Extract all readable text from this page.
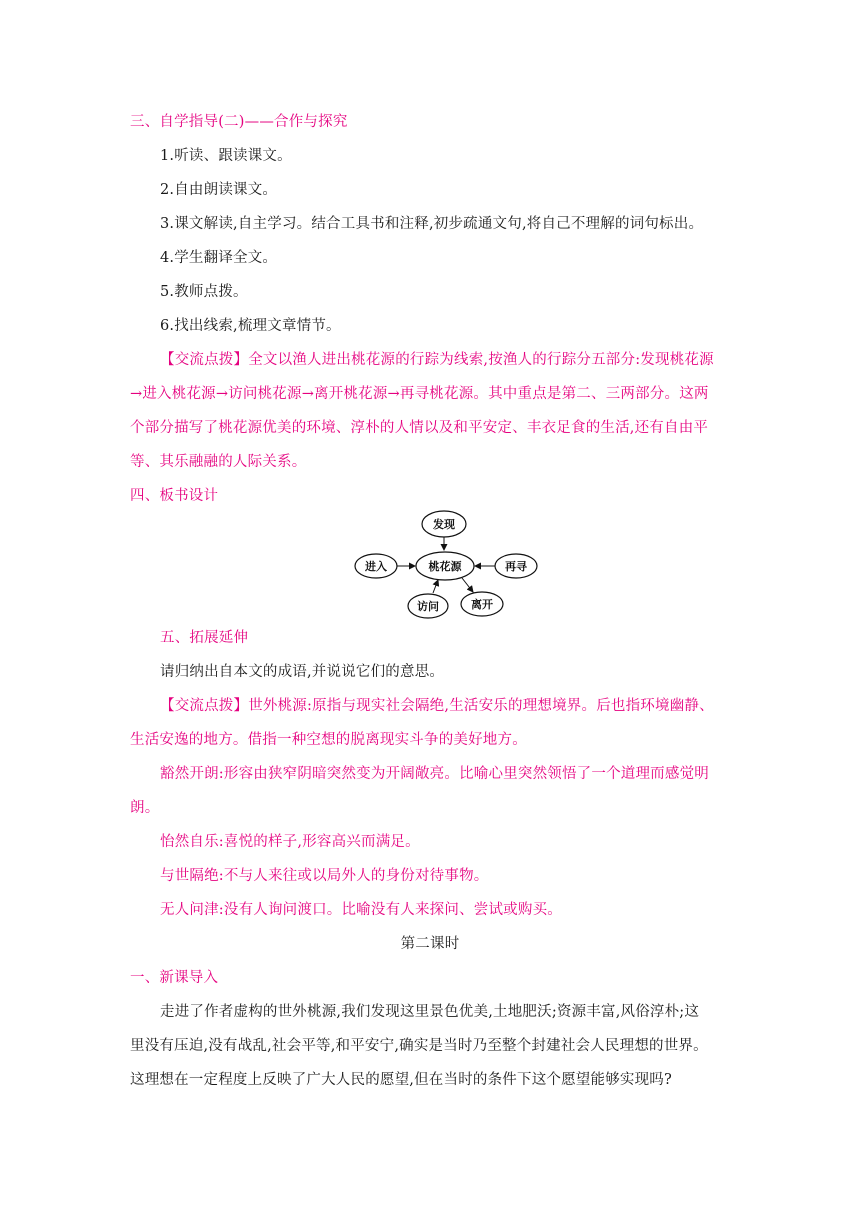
三、自学指导(二)——合作与探究

1.听读、跟读课文。

2.自由朗读课文。

3.课文解读,自主学习。结合工具书和注释,初步疏通文句,将自己不理解的词句标出。

4.学生翻译全文。

5.教师点拨。

6.找出线索,梳理文章情节。

【交流点拨】全文以渔人进出桃花源的行踪为线索,按渔人的行踪分五部分:发现桃花源

→进入桃花源→访问桃花源→离开桃花源→再寻桃花源。其中重点是第二、三两部分。这两

个部分描写了桃花源优美的环境、淳朴的人情以及和平安定、丰衣足食的生活,还有自由平

等、其乐融融的人际关系。

四、板书设计

发现
进入	桃花源	再寻
访问	离开

五、拓展延伸

请归纳出自本文的成语,并说说它们的意思。

【交流点拨】世外桃源:原指与现实社会隔绝,生活安乐的理想境界。后也指环境幽静、

生活安逸的地方。借指一种空想的脱离现实斗争的美好地方。

豁然开朗:形容由狭窄阴暗突然变为开阔敞亮。比喻心里突然领悟了一个道理而感觉明

朗。

怡然自乐:喜悦的样子,形容高兴而满足。

与世隔绝:不与人来往或以局外人的身份对待事物。

无人问津:没有人询问渡口。比喻没有人来探问、尝试或购买。

第二课时

一、新课导入

走进了作者虚构的世外桃源,我们发现这里景色优美,土地肥沃;资源丰富,风俗淳朴;这

里没有压迫,没有战乱,社会平等,和平安宁,确实是当时乃至整个封建社会人民理想的世界。

这理想在一定程度上反映了广大人民的愿望,但在当时的条件下这个愿望能够实现吗?
